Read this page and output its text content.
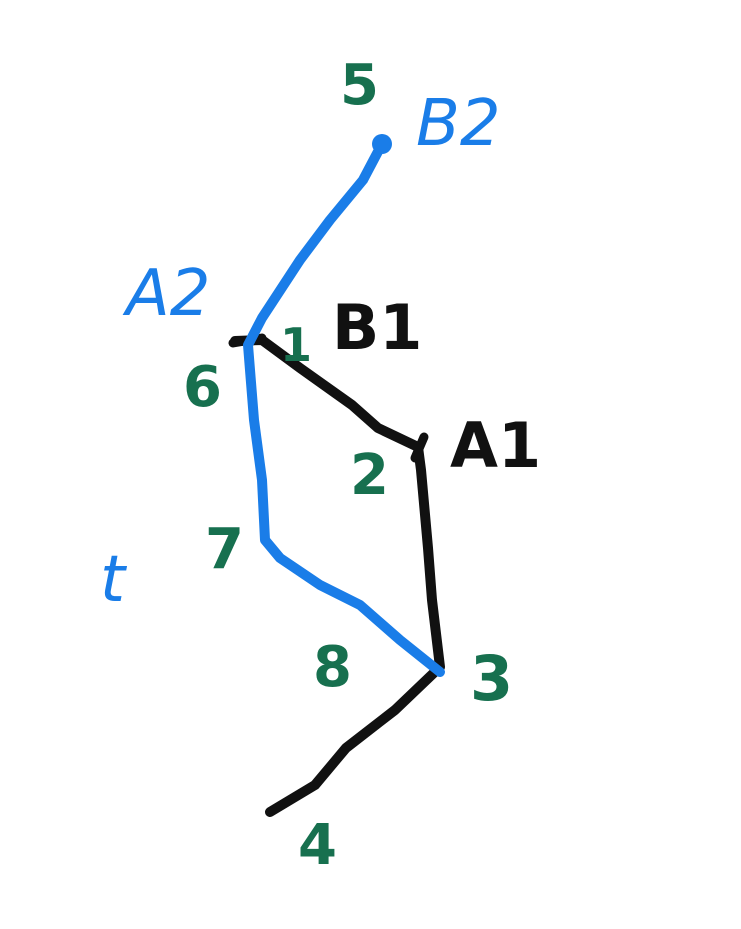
B2
A2
t
B1
A1
5
1
6
2
7
8 3
4
